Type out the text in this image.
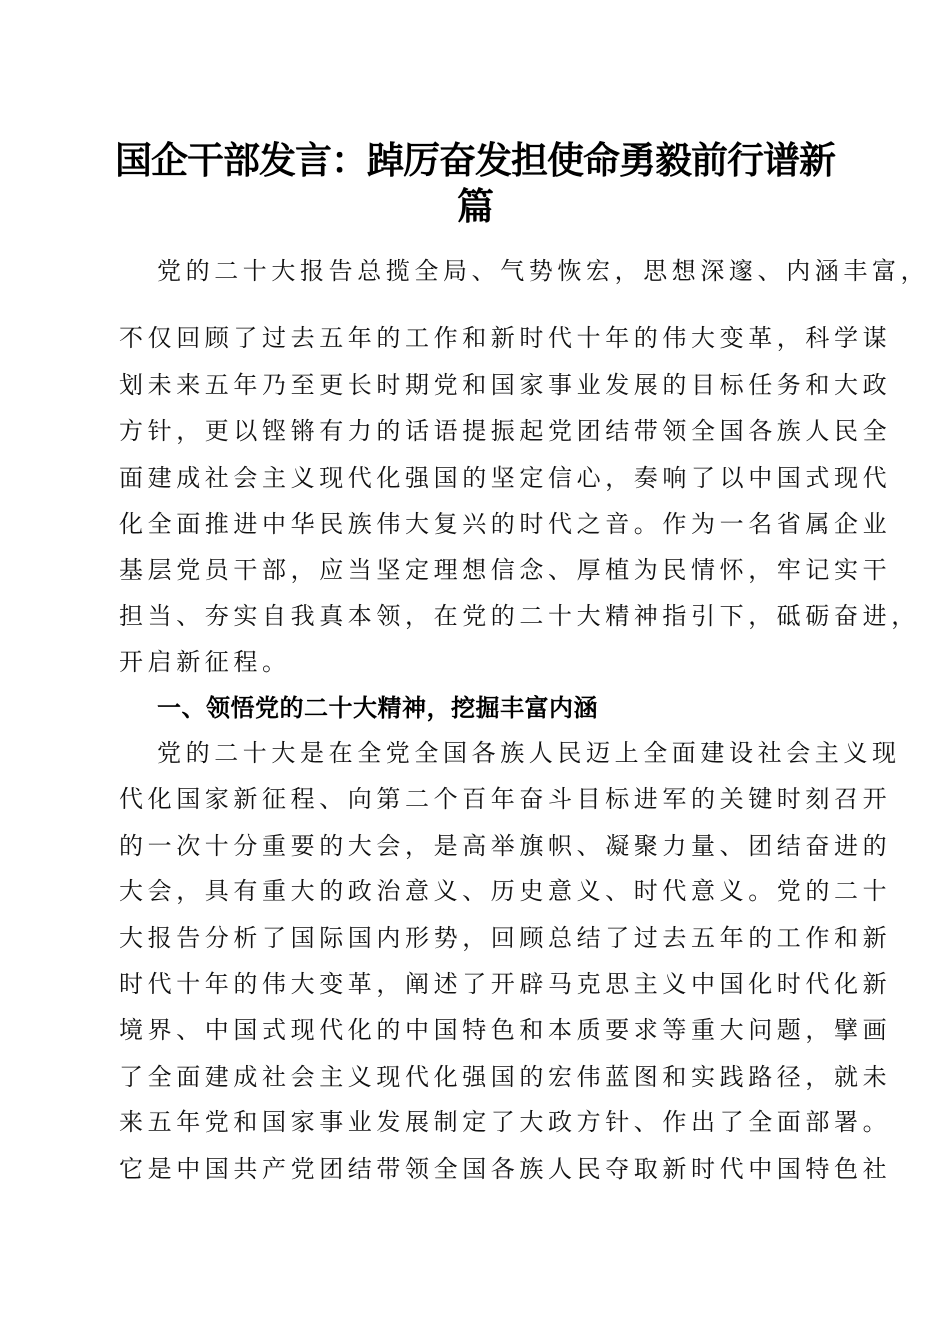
国企干部发言：踔厉奋发担使命勇毅前行谱新
篇
党的二十大报告总揽全局、气势恢宏，思想深邃、内涵丰富，
不仅回顾了过去五年的工作和新时代十年的伟大变革，科学谋
划未来五年乃至更长时期党和国家事业发展的目标任务和大政
方针，更以铿锵有力的话语提振起党团结带领全国各族人民全
面建成社会主义现代化强国的坚定信心，奏响了以中国式现代
化全面推进中华民族伟大复兴的时代之音。作为一名省属企业
基层党员干部，应当坚定理想信念、厚植为民情怀，牢记实干
担当、夯实自我真本领，在党的二十大精神指引下，砥砺奋进，
开启新征程。
一、领悟党的二十大精神，挖掘丰富内涵
党的二十大是在全党全国各族人民迈上全面建设社会主义现
代化国家新征程、向第二个百年奋斗目标进军的关键时刻召开
的一次十分重要的大会，是高举旗帜、凝聚力量、团结奋进的
大会，具有重大的政治意义、历史意义、时代意义。党的二十
大报告分析了国际国内形势，回顾总结了过去五年的工作和新
时代十年的伟大变革，阐述了开辟马克思主义中国化时代化新
境界、中国式现代化的中国特色和本质要求等重大问题，擘画
了全面建成社会主义现代化强国的宏伟蓝图和实践路径，就未
来五年党和国家事业发展制定了大政方针、作出了全面部署。
它是中国共产党团结带领全国各族人民夺取新时代中国特色社
